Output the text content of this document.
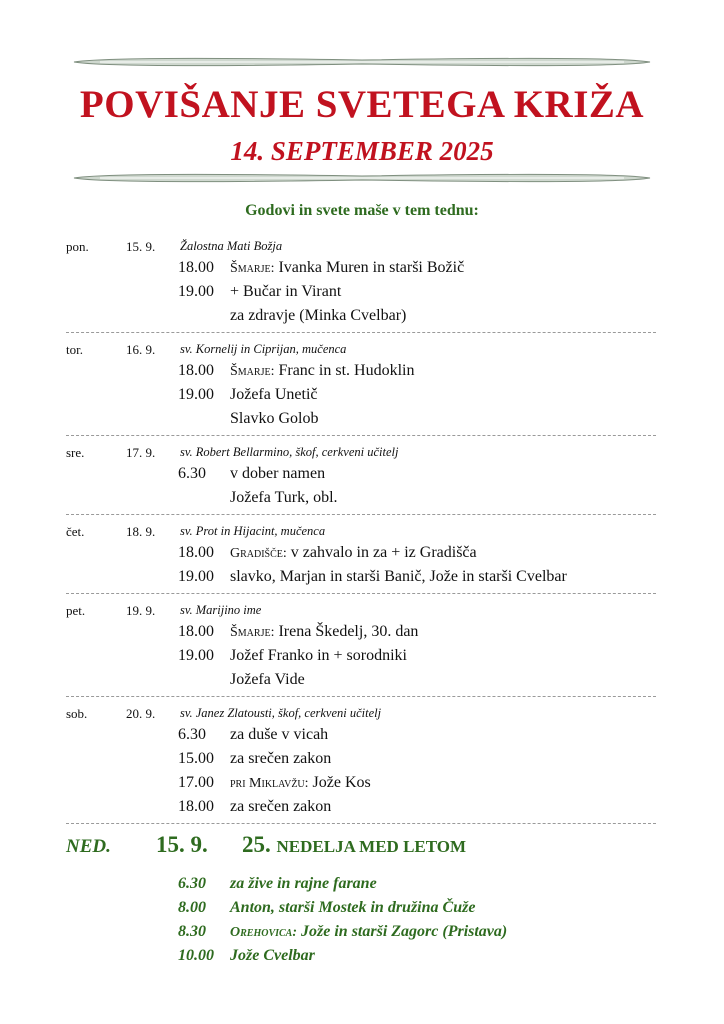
POVIŠANJE SVETEGA KRIŽA
14. SEPTEMBER 2025
Godovi in svete maše v tem tednu:
pon.	15. 9. Žalostna Mati Božja
18.00 Šmarje: Ivanka Muren in starši Božič
19.00 + Bučar in Virant
za zdravje (Minka Cvelbar)
tor.	16. 9. sv. Kornelij in Ciprijan, mučenca
18.00 Šmarje: Franc in st. Hudoklin
19.00 Jožefa Unetič
Slavko Golob
sre.	17. 9. sv. Robert Bellarmino, škof, cerkveni učitelj
6.30 v dober namen
Jožefa Turk, obl.
čet.	18. 9. sv. Prot in Hijacint, mučenca
18.00 Gradišče: v zahvalo in za + iz Gradišča
19.00 slavko, Marjan in starši Banič, Jože in starši Cvelbar
pet.	19. 9. sv. Marijino ime
18.00 Šmarje: Irena Škedelj, 30. dan
19.00 Jožef Franko in + sorodniki
Jožefa Vide
sob.	20. 9. sv. Janez Zlatousti, škof, cerkveni učitelj
6.30 za duše v vicah
15.00 za srečen zakon
17.00 pri Miklavžu: Jože Kos
18.00 za srečen zakon
NED. 15. 9. 25. NEDELJA MED LETOM
6.30 za žive in rajne farane
8.00 Anton, starši Mostek in družina Čuže
8.30 Orehovica: Jože in starši Zagorc (Pristava)
10.00 Jože Cvelbar
